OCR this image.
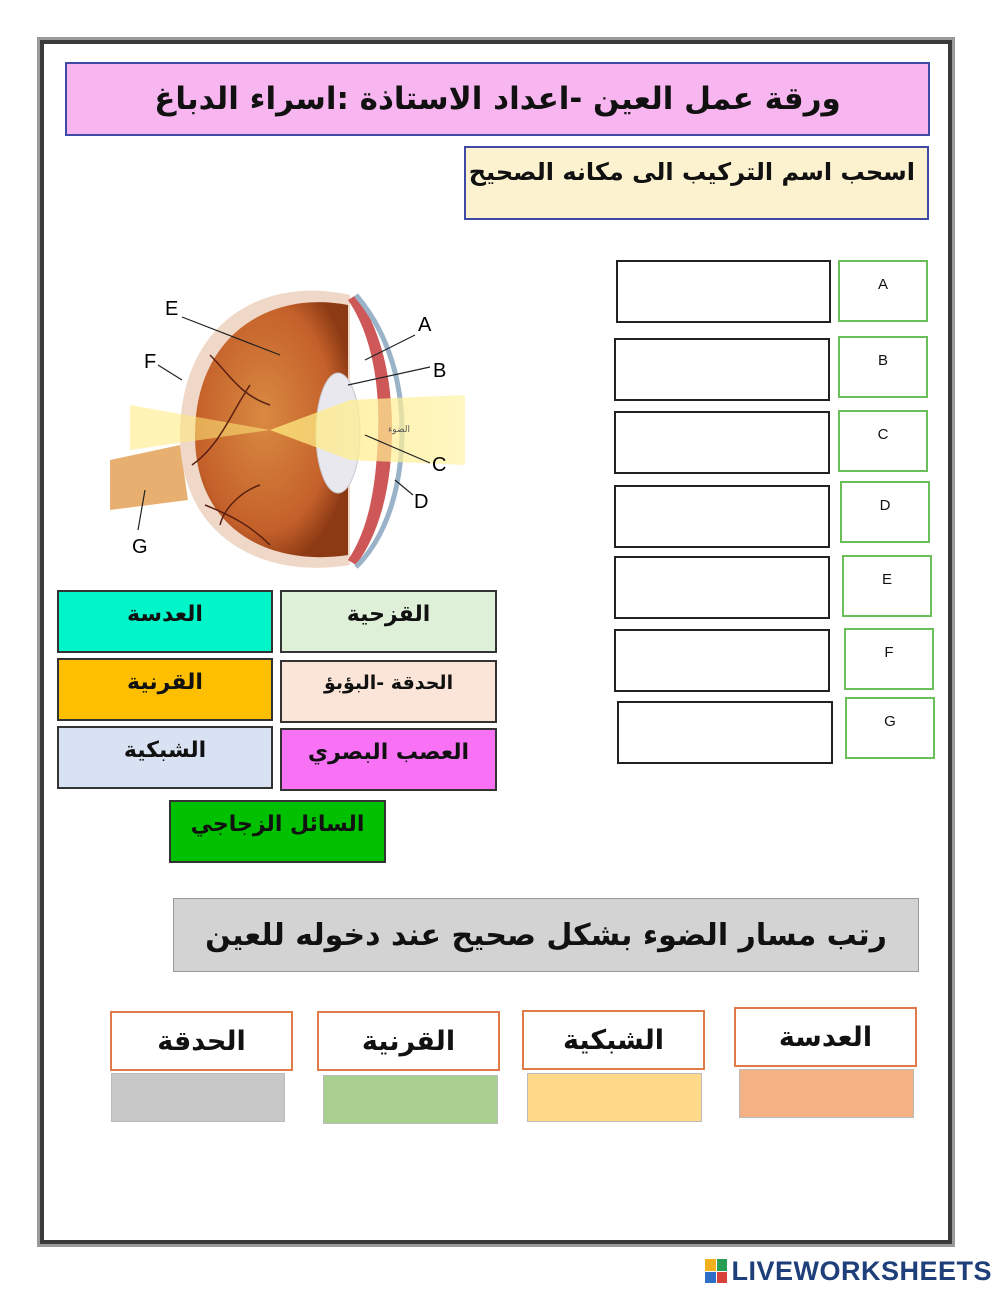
ورقة عمل العين -اعداد الاستاذة :اسراء الدباغ
اسحب اسم التركيب الى مكانه الصحيح
E
F
G
A
B
C
D
الضوء
A
B
C
D
E
F
G
العدسة	القزحية
القرنية	الحدقة -البؤبؤ
الشبكية	العصب البصري
السائل الزجاجي
رتب مسار الضوء بشكل صحيح عند دخوله للعين
الحدقة	القرنية	الشبكية	العدسة
LIVEWORKSHEETS
